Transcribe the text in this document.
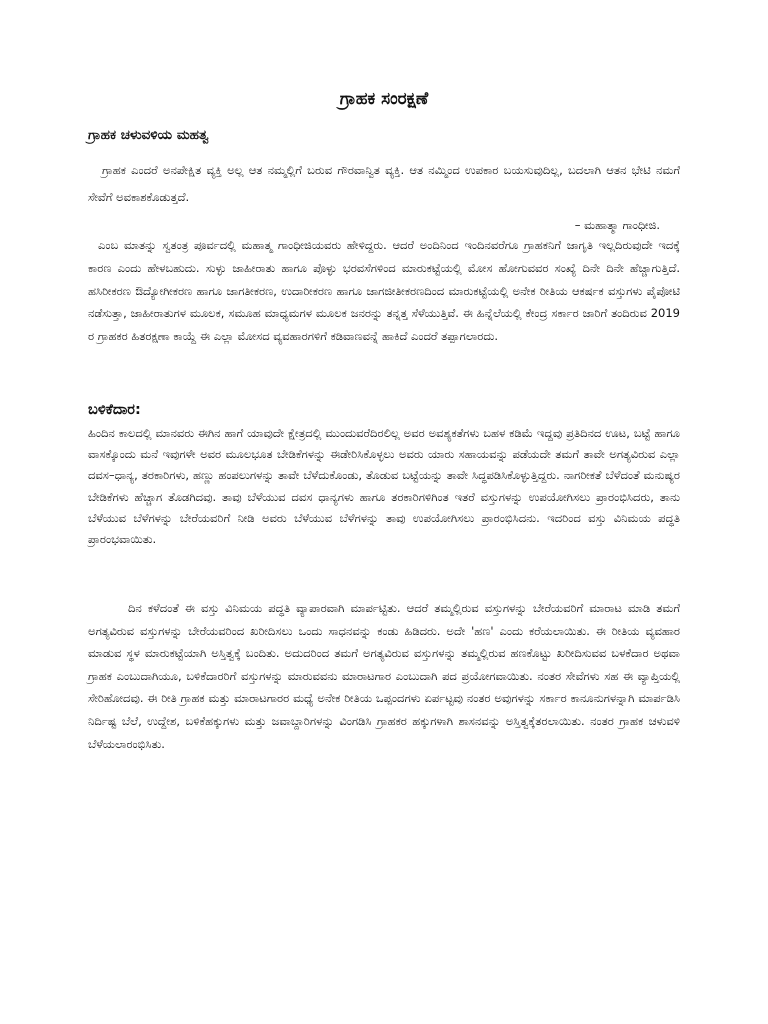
ಗ್ರಾಹಕ ಸಂರಕ್ಷಣೆ
ಗ್ರಾಹಕ ಚಳುವಳಿಯ ಮಹತ್ವ

ಗ್ರಾಹಕ ಎಂದರೆ ಅನಪೇಕ್ಷಿತ ವ್ಯಕ್ತಿ ಅಲ್ಲ ಆತ ನಮ್ಮಲ್ಲಿಗೆ ಬರುವ ಗೌರವಾನ್ವಿತ ವ್ಯಕ್ತಿ. ಆತ ನಮ್ಮಿಂದ ಉಪಕಾರ ಬಯಸುವುದಿಲ್ಲ, ಬದಲಾಗಿ ಆತನ ಭೇಟಿ ನಮಗೆ ಸೇವೆಗೆ ಅವಕಾಶಕೊಡುತ್ತದೆ.

– ಮಹಾತ್ಮಾ ಗಾಂಧೀಜಿ.

ಎಂಬ ಮಾತನ್ನು ಸ್ವತಂತ್ರ ಪೂರ್ವದಲ್ಲಿ ಮಹಾತ್ಮ ಗಾಂಧೀಜಿಯವರು ಹೇಳಿದ್ದರು. ಆದರೆ ಅಂದಿನಿಂದ ಇಂದಿನವರೆಗೂ ಗ್ರಾಹಕನಿಗೆ ಜಾಗೃತಿ ಇಲ್ಲದಿರುವುದೇ ಇದಕ್ಕೆ ಕಾರಣ ಎಂದು ಹೇಳಬಹುದು. ಸುಳ್ಳು ಜಾಹೀರಾತು ಹಾಗೂ ಪೊಳ್ಳು ಭರವಸೆಗಳಿಂದ ಮಾರುಕಟ್ಟೆಯಲ್ಲಿ ಮೋಸ ಹೋಗುವವರ ಸಂಖ್ಯೆ ದಿನೇ ದಿನೇ ಹೆಚ್ಚಾಗುತ್ತಿದೆ. ಹಸಿರೀಕರಣ ಔದ್ಯೋಗೀಕರಣ ಹಾಗೂ ಜಾಗತೀಕರಣ, ಉದಾರೀಕರಣ ಹಾಗೂ ಜಾಗಜೀತೀಕರಣದಿಂದ ಮಾರುಕಟ್ಟೆಯಲ್ಲಿ ಅನೇಕ ರೀತಿಯ ಆಕರ್ಷಕ ವಸ್ತುಗಳು ಪೈಪೋಟಿ ನಡೆಸುತ್ತಾ, ಜಾಹೀರಾತುಗಳ ಮೂಲಕ, ಸಮೂಹ ಮಾಧ್ಯಮಗಳ ಮೂಲಕ ಜನರನ್ನು ತನ್ನತ್ತ ಸೆಳೆಯುತ್ತಿವೆ. ಈ ಹಿನ್ನೆಲೆಯಲ್ಲಿ ಕೇಂದ್ರ ಸರ್ಕಾರ ಜಾರಿಗೆ ತಂದಿರುವ 2019 ರ ಗ್ರಾಹಕರ ಹಿತರಕ್ಷಣಾ ಕಾಯ್ದೆ ಈ ಎಲ್ಲಾ ಮೋಸದ ವ್ಯವಹಾರಗಳಿಗೆ ಕಡಿವಾಣವನ್ನೆ ಹಾಕಿದೆ ಎಂದರೆ ತಪ್ಪಾಗಲಾರದು.

ಬಳಿಕೆದಾರ:

ಹಿಂದಿನ ಕಾಲದಲ್ಲಿ ಮಾನವರು ಈಗಿನ ಹಾಗೆ ಯಾವುದೇ ಕ್ಷೇತ್ರದಲ್ಲಿ ಮುಂದುವರೆದಿರಲಿಲ್ಲ ಅವರ ಅವಶ್ಯಕತೆಗಳು ಬಹಳ ಕಡಿಮೆ ಇದ್ದವು ಪ್ರತಿದಿನದ ಊಟ, ಬಟ್ಟೆ ಹಾಗೂ ವಾಸಕ್ಕೊಂದು ಮನೆ ಇವುಗಳೇ ಅವರ ಮೂಲಭೂತ ಬೇಡಿಕೆಗಳನ್ನು ಈಡೇರಿಸಿಕೊಳ್ಳಲು ಅವರು ಯಾರು ಸಹಾಯವನ್ನು ಪಡೆಯದೇ ತಮಗೆ ತಾವೇ ಅಗತ್ಯವಿರುವ ಎಲ್ಲಾ ದವಸ–ಧಾನ್ಯ, ತರಕಾರಿಗಳು, ಹಣ್ಣು ಹಂಪಲುಗಳನ್ನು ತಾವೇ ಬೆಳೆದುಕೊಂಡು, ತೊಡುವ ಬಟ್ಟೆಯನ್ನು ತಾವೇ ಸಿದ್ಧಪಡಿಸಿಕೊಳ್ಳುತ್ತಿದ್ದರು. ನಾಗರೀಕತೆ ಬೆಳೆದಂತೆ ಮನುಷ್ಯರ ಬೇಡಿಕೆಗಳು ಹೆಚ್ಚಾಗ ತೊಡಗಿದವು. ತಾವು ಬೆಳೆಯುವ ದವಸ ಧಾನ್ಯಗಳು ಹಾಗೂ ತರಕಾರಿಗಳಿಗಿಂತ ಇತರೆ ವಸ್ತುಗಳನ್ನು ಉಪಯೋಗಿಸಲು ಪ್ರಾರಂಭಿಸಿದರು, ತಾನು ಬೆಳೆಯುವ ಬೆಳೆಗಳನ್ನು ಬೇರೆಯವರಿಗೆ ನೀಡಿ ಅವರು ಬೆಳೆಯುವ ಬೆಳೆಗಳನ್ನು ತಾವು ಉಪಯೋಗಿಸಲು ಪ್ರಾರಂಭಿಸಿದನು. ಇದರಿಂದ ವಸ್ತು ವಿನಿಮಯ ಪದ್ಧತಿ ಪ್ರಾರಂಭವಾಯಿತು.

ದಿನ ಕಳೆದಂತೆ ಈ ವಸ್ತು ವಿನಿಮಯ ಪದ್ಧತಿ ವ್ಯಾಪಾರವಾಗಿ ಮಾರ್ಪಟ್ಟಿತು. ಆದರೆ ತಮ್ಮಲ್ಲಿರುವ ವಸ್ತುಗಳನ್ನು ಬೇರೆಯವರಿಗೆ ಮಾರಾಟ ಮಾಡಿ ತಮಗೆ ಅಗತ್ಯವಿರುವ ವಸ್ತುಗಳನ್ನು ಬೇರೆಯವರಿಂದ ಖರೀದಿಸಲು ಒಂದು ಸಾಧನವನ್ನು ಕಂಡು ಹಿಡಿದರು. ಅದೇ 'ಹಣ' ಎಂದು ಕರೆಯಲಾಯಿತು. ಈ ರೀತಿಯ ವ್ಯವಹಾರ ಮಾಡುವ ಸ್ಥಳ ಮಾರುಕಟ್ಟೆಯಾಗಿ ಅಸ್ತಿತ್ವಕ್ಕೆ ಬಂದಿತು. ಅದುದರಿಂದ ತಮಗೆ ಅಗತ್ಯವಿರುವ ವಸ್ತುಗಳನ್ನು ತಮ್ಮಲ್ಲಿರುವ ಹಣಕೊಟ್ಟು ಖರೀದಿಸುವವ ಬಳಕೆದಾರ ಅಥವಾ ಗ್ರಾಹಕ ಎಂಬುದಾಗಿಯೂ, ಬಳಿಕೆದಾರರಿಗೆ ವಸ್ತುಗಳನ್ನು ಮಾರುವವನು ಮಾರಾಟಗಾರ ಎಂಬುದಾಗಿ ಪದ ಪ್ರಯೋಗವಾಯಿತು. ನಂತರ ಸೇವೆಗಳು ಸಹ ಈ ವ್ಯಾಪ್ತಿಯಲ್ಲಿ ಸೇರಿಹೋದವು. ಈ ರೀತಿ ಗ್ರಾಹಕ ಮತ್ತು ಮಾರಾಟಗಾರರ ಮಧ್ಯೆ ಅನೇಕ ರೀತಿಯ ಒಪ್ಪಂದಗಳು ಏರ್ಪಟ್ಟವು ನಂತರ ಅವುಗಳನ್ನು ಸರ್ಕಾರ ಕಾನೂನುಗಳನ್ನಾಗಿ ಮಾರ್ಪಡಿಸಿ ನಿರ್ದಿಷ್ಟ ಬೆಲೆ, ಉದ್ದೇಶ, ಬಳಿಕೆಹಕ್ಕುಗಳು ಮತ್ತು ಜವಾಬ್ದಾರಿಗಳನ್ನು ವಿಂಗಡಿಸಿ ಗ್ರಾಹಕರ ಹಕ್ಕುಗಳಾಗಿ ಶಾಸನವನ್ನು ಅಸ್ತಿತ್ವಕ್ಕೆತರಲಾಯಿತು. ನಂತರ ಗ್ರಾಹಕ ಚಳುವಳಿ ಬೆಳೆಯಲಾರಂಭಿಸಿತು.
